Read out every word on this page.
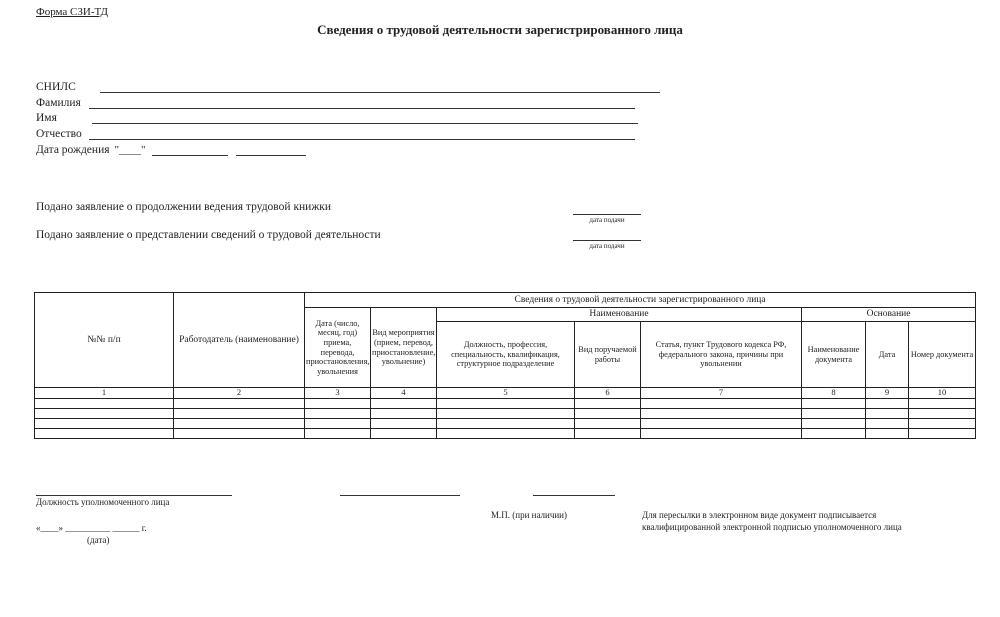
Форма СЗИ-ТД
Сведения о трудовой деятельности зарегистрированного лица
СНИЛС
Фамилия
Имя
Отчество
Дата рождения "____"
Подано заявление о продолжении ведения трудовой книжки
дата подачи
Подано заявление о представлении сведений о трудовой деятельности
дата подачи
№№ п/п	Работодатель (наименование)	Сведения о трудовой деятельности зарегистрированного лица							
		Дата (число, месяц, год) приема, перевода, приостановления, увольнения	Вид мероприятия (прием, перевод, приостановление, увольнение)	Наименование			Основание		
				Должность, профессия, специальность, квалификация, структурное подразделение	Вид поручаемой работы	Статья, пункт Трудового кодекса РФ, федерального закона, причины при увольнении	Наименование документа	Дата	Номер документа
1	2	3	4	5	6	7	8	9	10

Должность уполномоченного лица
«____» __________ ______ г.
(дата)
М.П. (при наличии)	Для пересылки в электронном виде документ подписывается
квалифицированной электронной подписью уполномоченного лица
